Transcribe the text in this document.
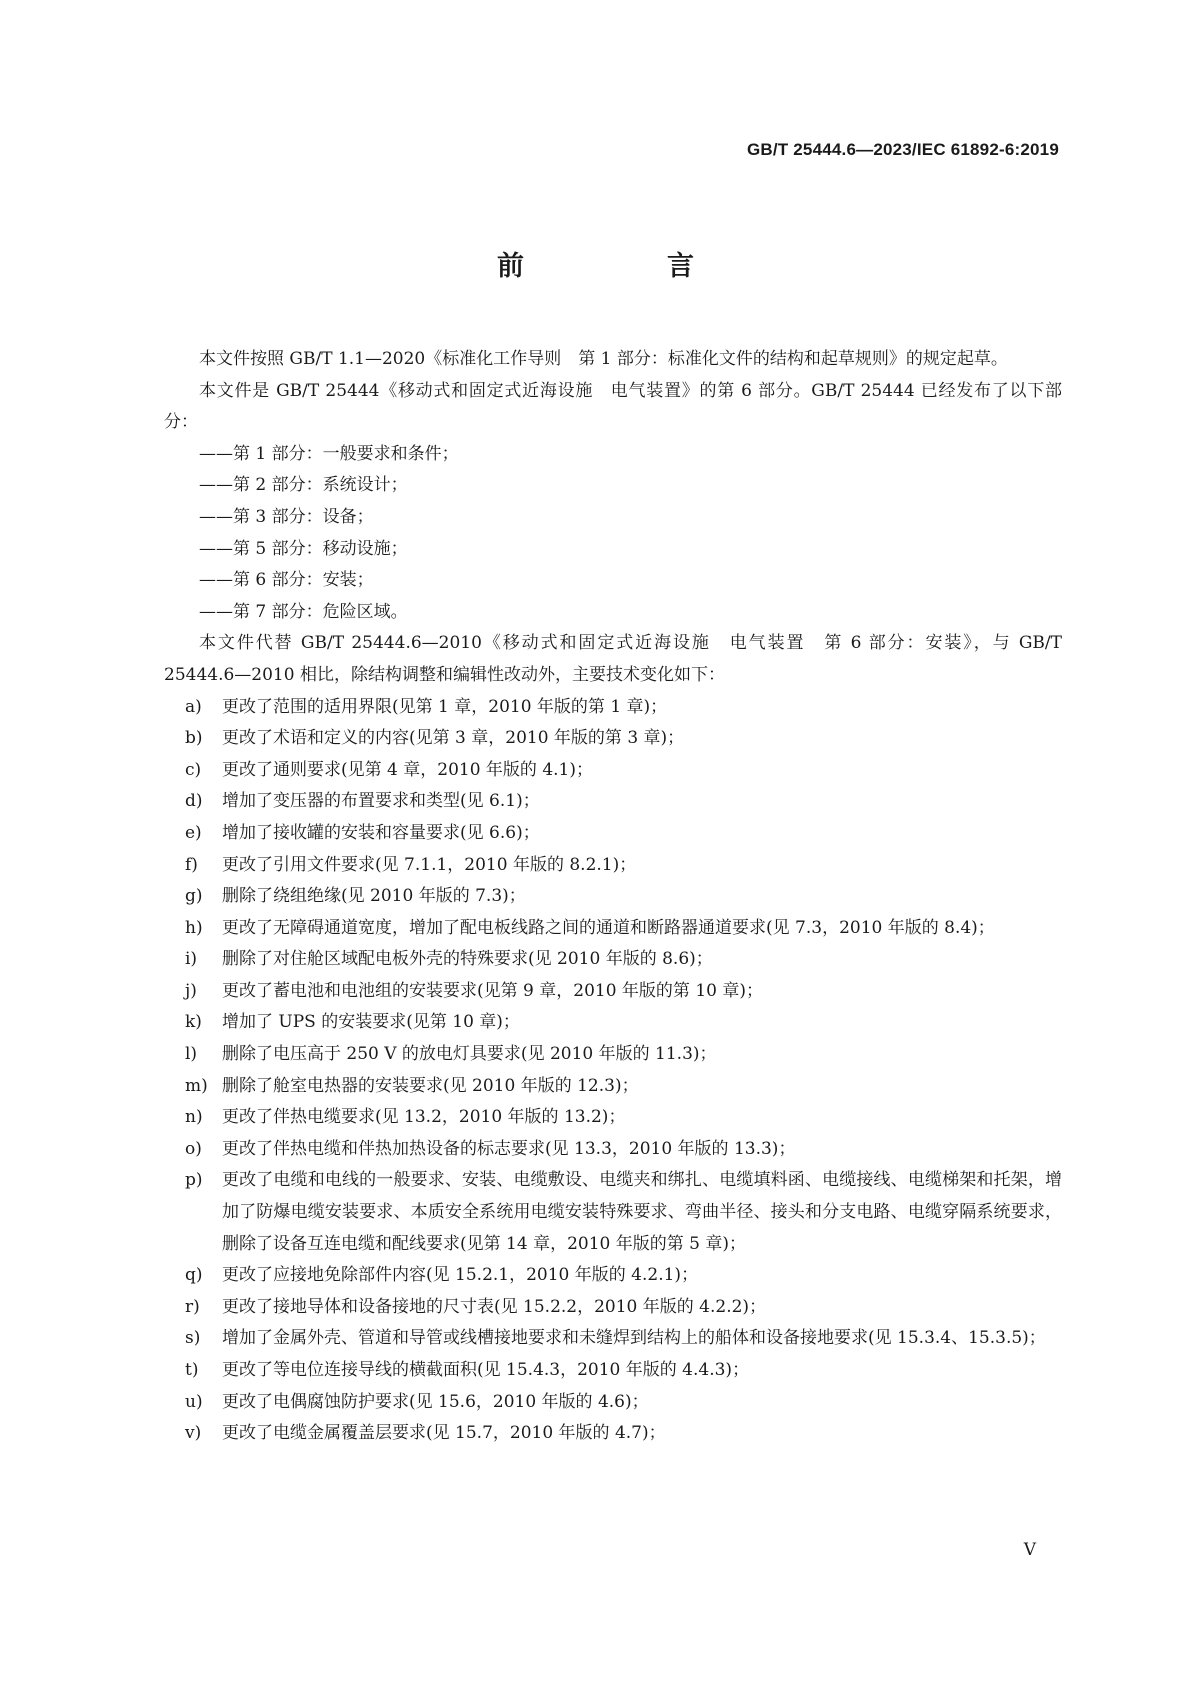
GB/T 25444.6—2023/IEC 61892-6:2019
前　言
本文件按照 GB/T 1.1—2020《标准化工作导则　第 1 部分：标准化文件的结构和起草规则》的规定起草。
本文件是 GB/T 25444《移动式和固定式近海设施　电气装置》的第 6 部分。GB/T 25444 已经发布了以下部分：
——第 1 部分：一般要求和条件；
——第 2 部分：系统设计；
——第 3 部分：设备；
——第 5 部分：移动设施；
——第 6 部分：安装；
——第 7 部分：危险区域。
本文件代替 GB/T 25444.6—2010《移动式和固定式近海设施　电气装置　第 6 部分：安装》，与 GB/T 25444.6—2010 相比，除结构调整和编辑性改动外，主要技术变化如下：
a)	更改了范围的适用界限(见第 1 章，2010 年版的第 1 章)；
b)	更改了术语和定义的内容(见第 3 章，2010 年版的第 3 章)；
c)	更改了通则要求(见第 4 章，2010 年版的 4.1)；
d)	增加了变压器的布置要求和类型(见 6.1)；
e)	增加了接收罐的安装和容量要求(见 6.6)；
f)	更改了引用文件要求(见 7.1.1，2010 年版的 8.2.1)；
g)	删除了绕组绝缘(见 2010 年版的 7.3)；
h)	更改了无障碍通道宽度，增加了配电板线路之间的通道和断路器通道要求(见 7.3，2010 年版的 8.4)；
i)	删除了对住舱区域配电板外壳的特殊要求(见 2010 年版的 8.6)；
j)	更改了蓄电池和电池组的安装要求(见第 9 章，2010 年版的第 10 章)；
k)	增加了 UPS 的安装要求(见第 10 章)；
l)	删除了电压高于 250 V 的放电灯具要求(见 2010 年版的 11.3)；
m) 删除了舱室电热器的安装要求(见 2010 年版的 12.3)；
n)	更改了伴热电缆要求(见 13.2，2010 年版的 13.2)；
o)	更改了伴热电缆和伴热加热设备的标志要求(见 13.3，2010 年版的 13.3)；
p)	更改了电缆和电线的一般要求、安装、电缆敷设、电缆夹和绑扎、电缆填料函、电缆接线、电缆梯架和托架，增加了防爆电缆安装要求、本质安全系统用电缆安装特殊要求、弯曲半径、接头和分支电路、电缆穿隔系统要求，删除了设备互连电缆和配线要求(见第 14 章，2010 年版的第 5 章)；
q)	更改了应接地免除部件内容(见 15.2.1，2010 年版的 4.2.1)；
r)	更改了接地导体和设备接地的尺寸表(见 15.2.2，2010 年版的 4.2.2)；
s)	增加了金属外壳、管道和导管或线槽接地要求和未缝焊到结构上的船体和设备接地要求(见 15.3.4、15.3.5)；
t)	更改了等电位连接导线的横截面积(见 15.4.3，2010 年版的 4.4.3)；
u)	更改了电偶腐蚀防护要求(见 15.6，2010 年版的 4.6)；
v)	更改了电缆金属覆盖层要求(见 15.7，2010 年版的 4.7)；
V
